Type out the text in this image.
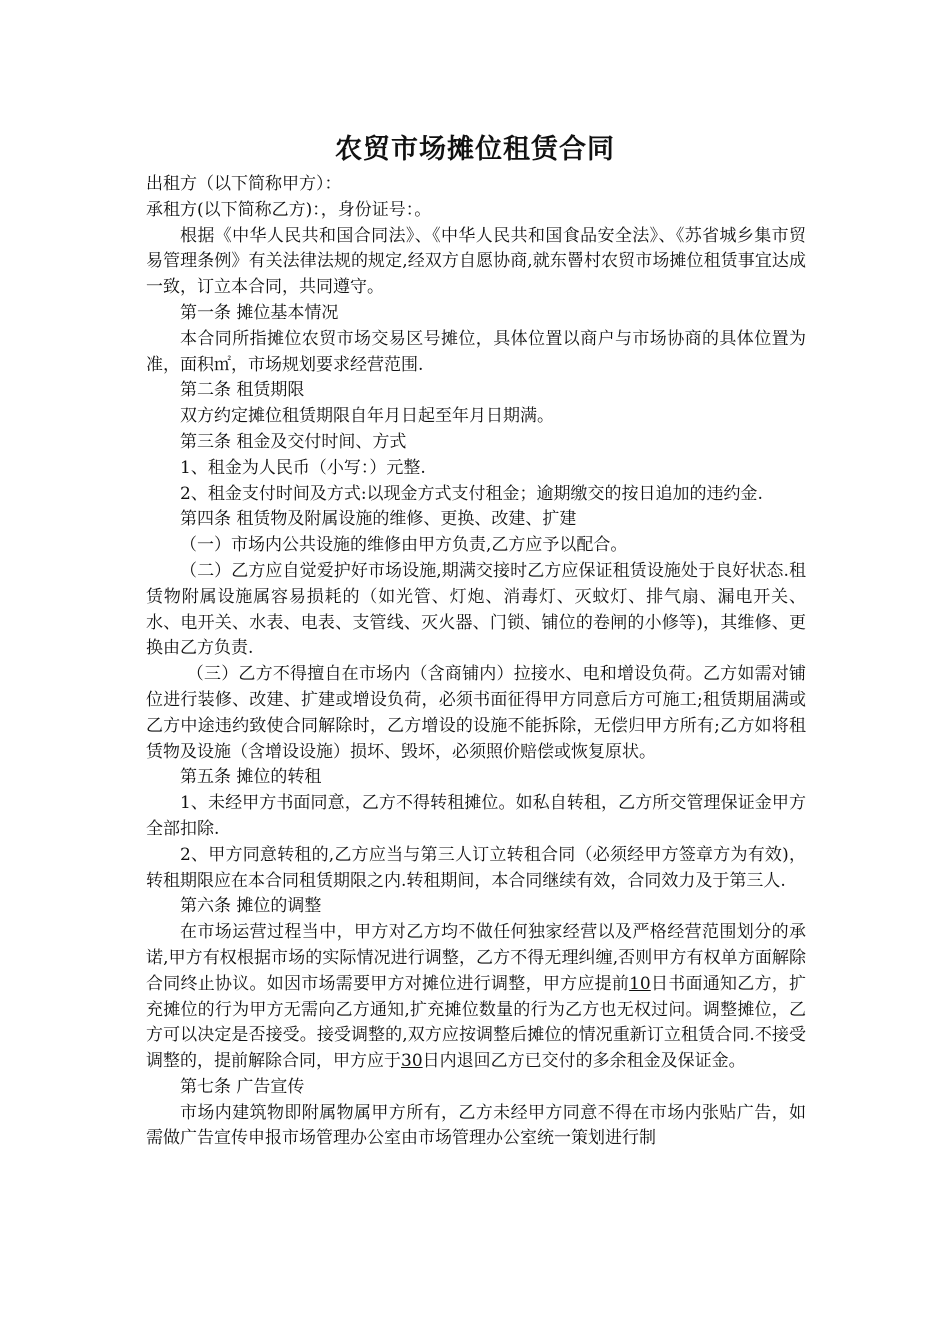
农贸市场摊位租赁合同

出租方（以下简称甲方）：

承租方(以下简称乙方)：，身份证号：。

根据《中华人民共和国合同法》、《中华人民共和国食品安全法》、《苏省城乡集市贸易管理条例》有关法律法规的规定,经双方自愿协商,就东罾村农贸市场摊位租赁事宜达成一致，订立本合同，共同遵守。

第一条 摊位基本情况

本合同所指摊位农贸市场交易区号摊位，具体位置以商户与市场协商的具体位置为准，面积㎡，市场规划要求经营范围.

第二条 租赁期限

双方约定摊位租赁期限自年月日起至年月日期满。

第三条 租金及交付时间、方式

1、租金为人民币（小写：）元整.

2、租金支付时间及方式:以现金方式支付租金；逾期缴交的按日追加的违约金.

第四条 租赁物及附属设施的维修、更换、改建、扩建

（一）市场内公共设施的维修由甲方负责,乙方应予以配合。

（二）乙方应自觉爱护好市场设施,期满交接时乙方应保证租赁设施处于良好状态.租赁物附属设施属容易损耗的（如光管、灯炮、消毒灯、灭蚊灯、排气扇、漏电开关、水、电开关、水表、电表、支管线、灭火器、门锁、铺位的卷闸的小修等)，其维修、更换由乙方负责.

（三）乙方不得擅自在市场内（含商铺内）拉接水、电和增设负荷。乙方如需对铺位进行装修、改建、扩建或增设负荷，必须书面征得甲方同意后方可施工;租赁期届满或乙方中途违约致使合同解除时，乙方增设的设施不能拆除，无偿归甲方所有;乙方如将租赁物及设施（含增设设施）损坏、毁坏，必须照价赔偿或恢复原状。

第五条 摊位的转租

1、未经甲方书面同意，乙方不得转租摊位。如私自转租，乙方所交管理保证金甲方全部扣除.

2、甲方同意转租的,乙方应当与第三人订立转租合同（必须经甲方签章方为有效)，转租期限应在本合同租赁期限之内.转租期间，本合同继续有效，合同效力及于第三人.

第六条 摊位的调整

在市场运营过程当中，甲方对乙方均不做任何独家经营以及严格经营范围划分的承诺,甲方有权根据市场的实际情况进行调整，乙方不得无理纠缠,否则甲方有权单方面解除合同终止协议。如因市场需要甲方对摊位进行调整，甲方应提前10日书面通知乙方，扩充摊位的行为甲方无需向乙方通知,扩充摊位数量的行为乙方也无权过问。调整摊位，乙方可以决定是否接受。接受调整的,双方应按调整后摊位的情况重新订立租赁合同.不接受调整的，提前解除合同，甲方应于30日内退回乙方已交付的多余租金及保证金。

第七条 广告宣传

市场内建筑物即附属物属甲方所有，乙方未经甲方同意不得在市场内张贴广告，如需做广告宣传申报市场管理办公室由市场管理办公室统一策划进行制
